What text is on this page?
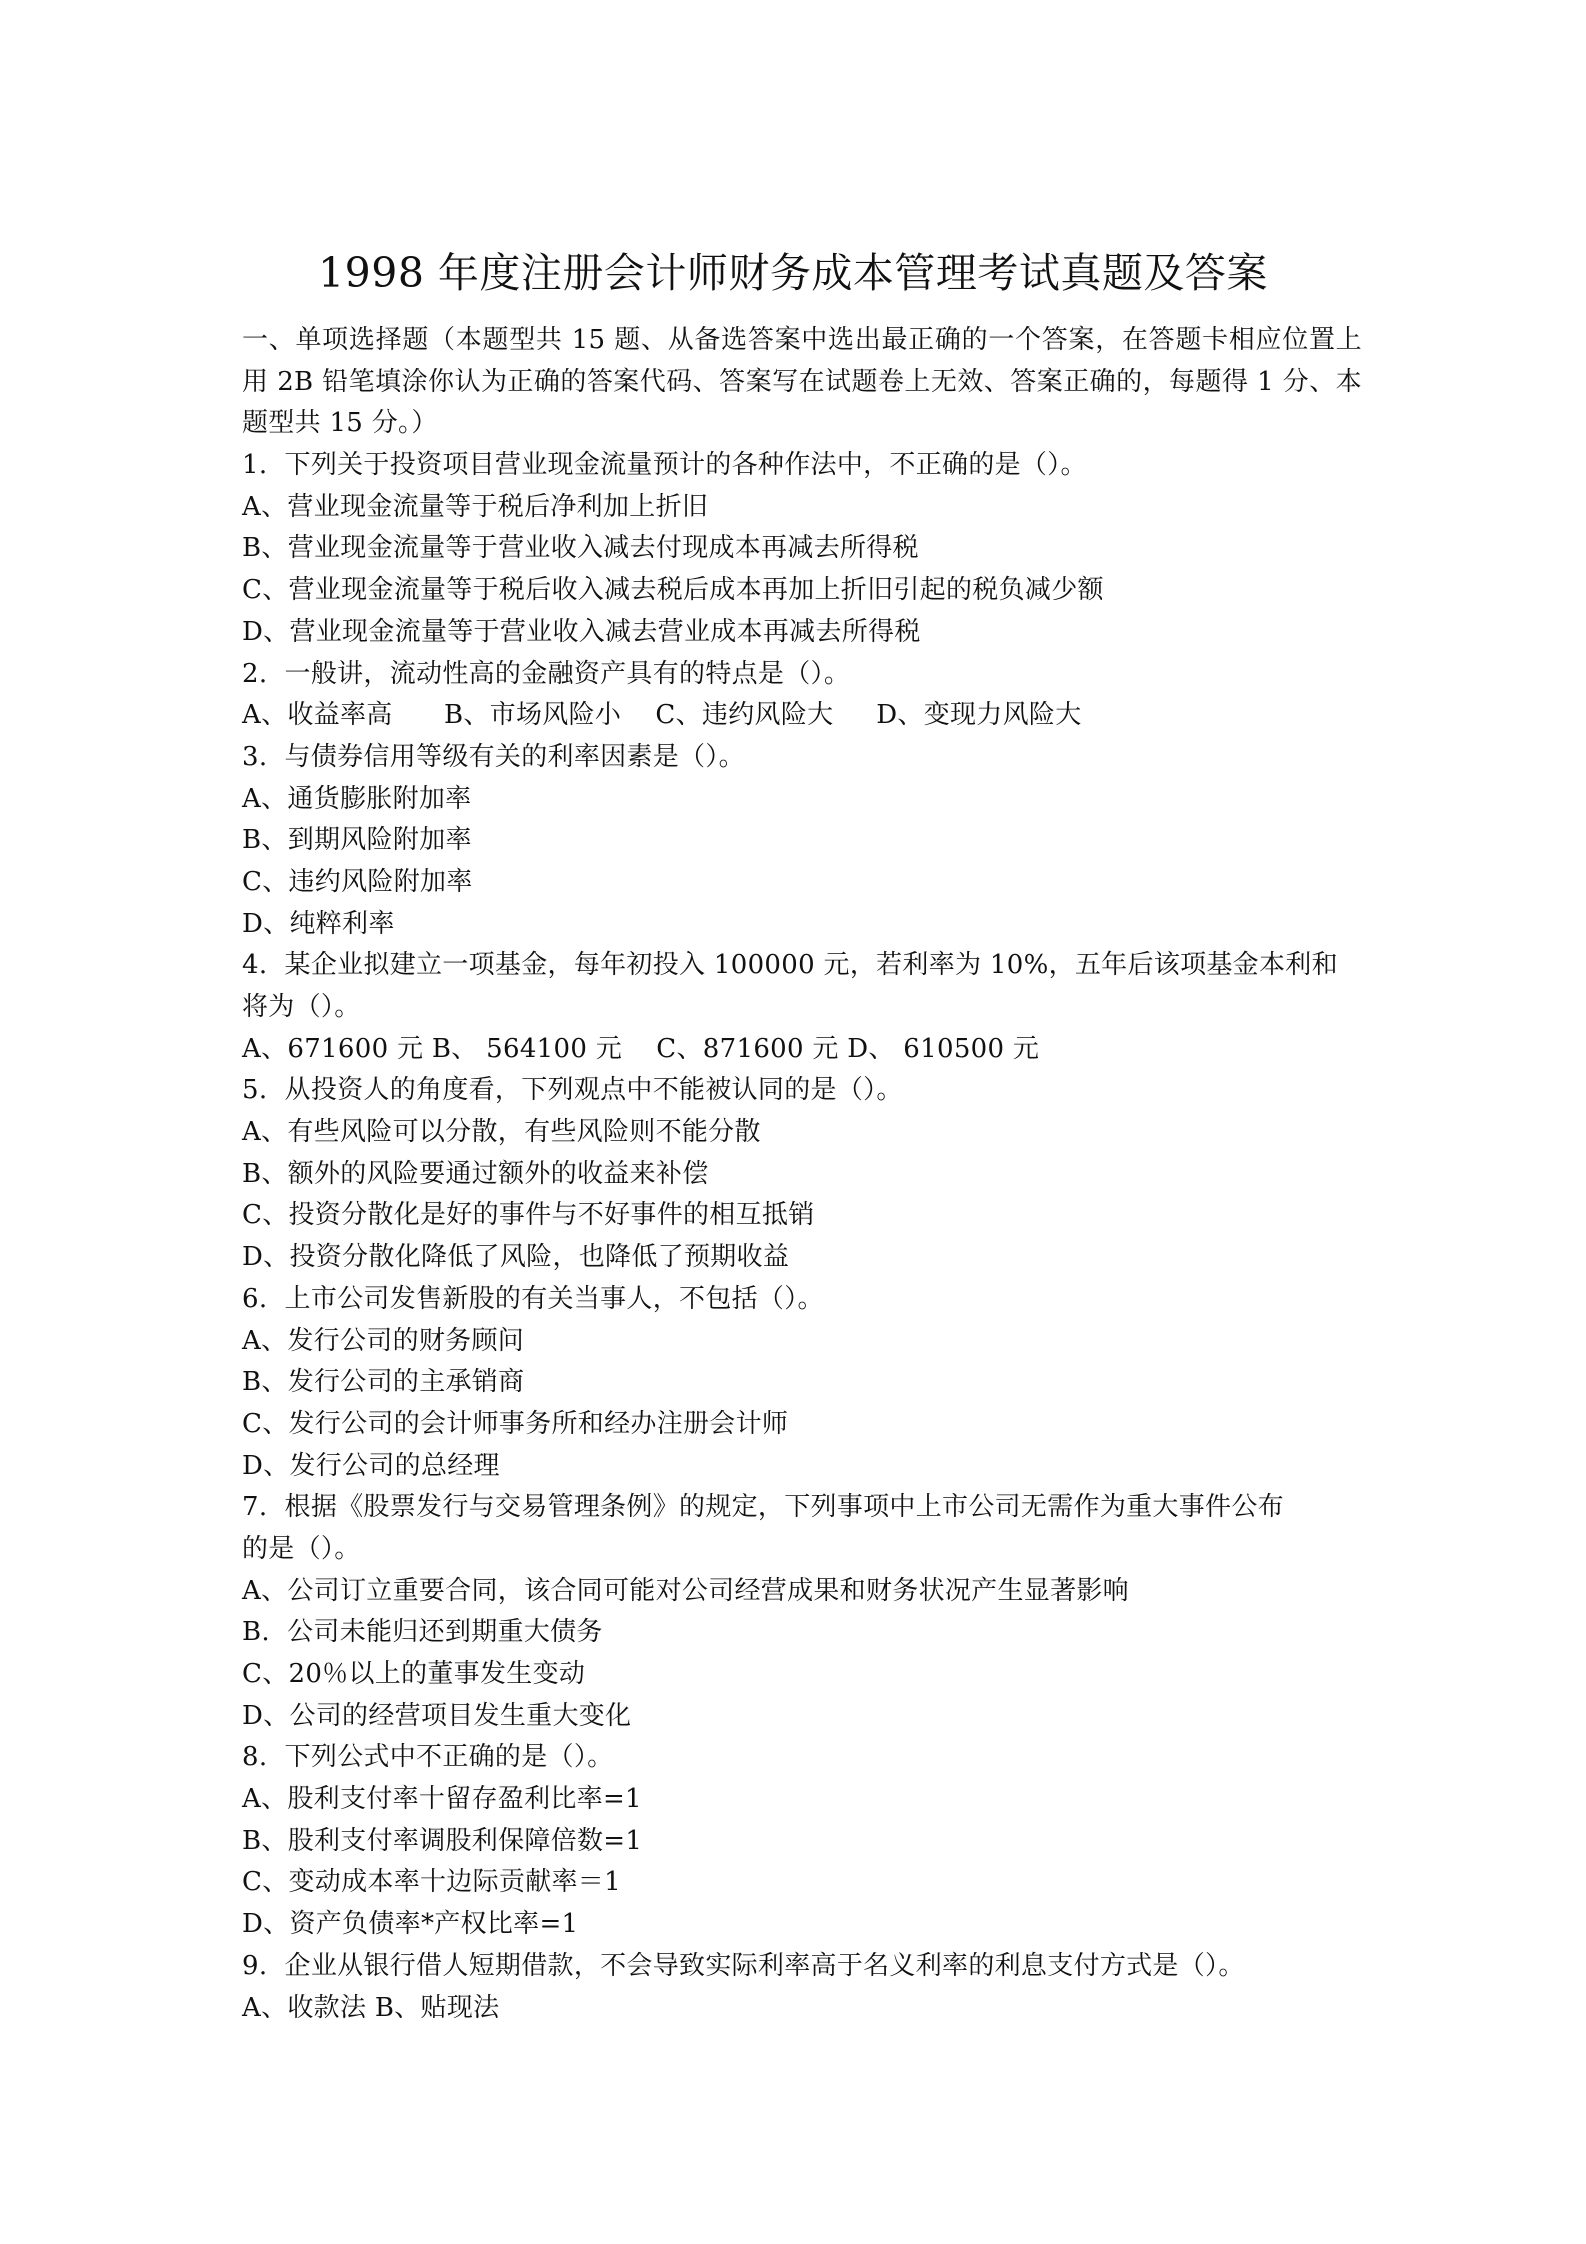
1998 年度注册会计师财务成本管理考试真题及答案
一、单项选择题（本题型共 15 题、从备选答案中选出最正确的一个答案，在答题卡相应位置上用 2B 铅笔填涂你认为正确的答案代码、答案写在试题卷上无效、答案正确的，每题得 1 分、本题型共 15 分。）
1.  下列关于投资项目营业现金流量预计的各种作法中，不正确的是（）。
A、营业现金流量等于税后净利加上折旧
B、营业现金流量等于营业收入减去付现成本再减去所得税
C、营业现金流量等于税后收入减去税后成本再加上折旧引起的税负减少额
D、营业现金流量等于营业收入减去营业成本再减去所得税
2.  一般讲，流动性高的金融资产具有的特点是（）。
A、收益率高      B、市场风险小    C、违约风险大     D、变现力风险大
3.  与债券信用等级有关的利率因素是（）。
A、通货膨胀附加率
B、到期风险附加率
C、违约风险附加率
D、纯粹利率
4.  某企业拟建立一项基金，每年初投入 100000 元，若利率为 10%，五年后该项基金本利和
将为（）。
A、671600 元 B、 564100 元    C、871600 元 D、 610500 元
5.  从投资人的角度看，下列观点中不能被认同的是（）。
A、有些风险可以分散，有些风险则不能分散
B、额外的风险要通过额外的收益来补偿
C、投资分散化是好的事件与不好事件的相互抵销
D、投资分散化降低了风险，也降低了预期收益
6.  上市公司发售新股的有关当事人，不包括（）。
A、发行公司的财务顾问
B、发行公司的主承销商
C、发行公司的会计师事务所和经办注册会计师
D、发行公司的总经理
7.  根据《股票发行与交易管理条例》的规定，下列事项中上市公司无需作为重大事件公布
的是（）。
A、公司订立重要合同，该合同可能对公司经营成果和财务状况产生显著影响
B.  公司未能归还到期重大债务
C、20％以上的董事发生变动
D、公司的经营项目发生重大变化
8.  下列公式中不正确的是（）。
A、股利支付率十留存盈利比率=1
B、股利支付率调股利保障倍数=1
C、变动成本率十边际贡献率＝1
D、资产负债率*产权比率=1
9.  企业从银行借人短期借款，不会导致实际利率高于名义利率的利息支付方式是（）。
A、收款法 B、贴现法
